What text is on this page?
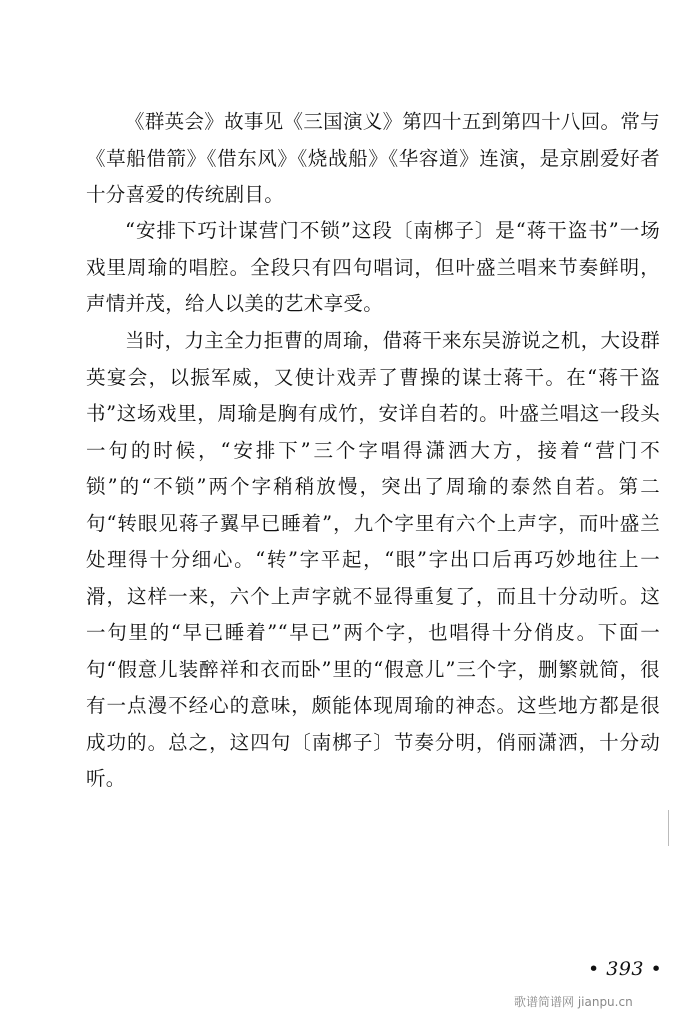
《群英会》故事见《三国演义》第四十五到第四十八回。常与《草船借箭》《借东风》《烧战船》《华容道》连演，是京剧爱好者十分喜爱的传统剧目。

“安排下巧计谋营门不锁”这段〔南梆子〕是“蒋干盗书”一场戏里周瑜的唱腔。全段只有四句唱词，但叶盛兰唱来节奏鲜明，声情并茂，给人以美的艺术享受。

当时，力主全力拒曹的周瑜，借蒋干来东吴游说之机，大设群英宴会，以振军威，又使计戏弄了曹操的谋士蒋干。在“蒋干盗书”这场戏里，周瑜是胸有成竹，安详自若的。叶盛兰唱这一段头一句的时候，“安排下”三个字唱得潇洒大方，接着“营门不锁”的“不锁”两个字稍稍放慢，突出了周瑜的泰然自若。第二句“转眼见蒋子翼早已睡着”，九个字里有六个上声字，而叶盛兰处理得十分细心。“转”字平起，“眼”字出口后再巧妙地往上一滑，这样一来，六个上声字就不显得重复了，而且十分动听。这一句里的“早已睡着”“早已”两个字，也唱得十分俏皮。下面一句“假意儿装醉祥和衣而卧”里的“假意儿”三个字，删繁就简，很有一点漫不经心的意味，颇能体现周瑜的神态。这些地方都是很成功的。总之，这四句〔南梆子〕节奏分明，俏丽潇洒，十分动听。

• 393 •
歌谱简谱网 jianpu.cn
